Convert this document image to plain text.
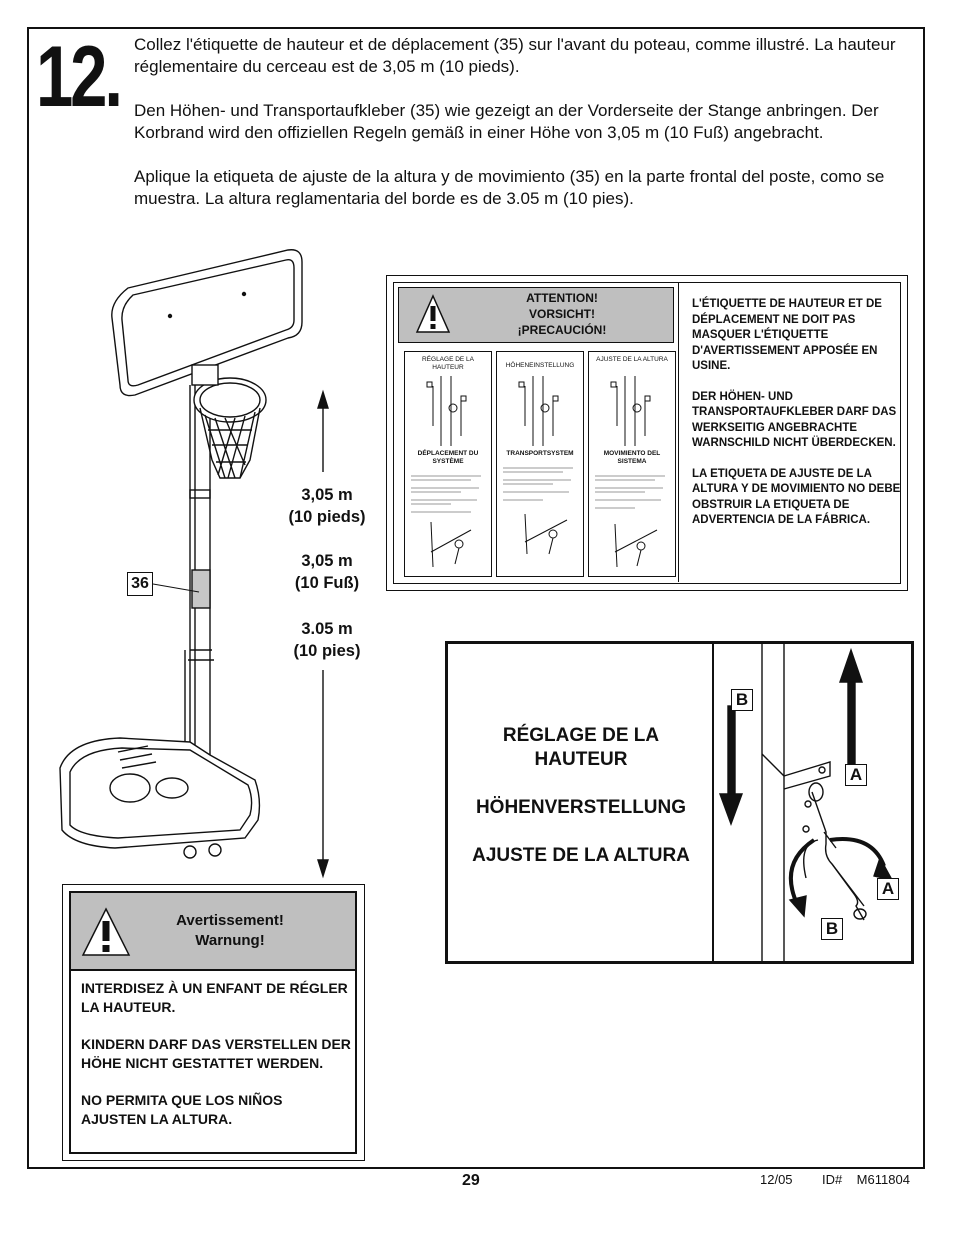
12. Collez l'étiquette de hauteur et de déplacement (35) sur l'avant du poteau, comme illustré. La hauteur réglementaire du cerceau est de 3,05 m (10 pieds).

Den Höhen- und Transportaufkleber (35) wie gezeigt an der Vorderseite der Stange anbringen. Der Korbrand wird den offiziellen Regeln gemäß in einer Höhe von 3,05 m (10 Fuß) angebracht.

Aplique la etiqueta de ajuste de la altura y de movimiento (35) en la parte frontal del poste, como se muestra. La altura reglamentaria del borde es de 3.05 m (10 pies).

3,05 m
(10 pieds)
3,05 m
(10 Fuß)
3.05 m
(10 pies)
36
ATTENTION!
VORSICHT!
¡PRECAUCIÓN!
RÉGLAGE DE LA HAUTEUR
DÉPLACEMENT DU SYSTÈME
HÖHENEINSTELLUNG
TRANSPORTSYSTEM
AJUSTE DE LA ALTURA
MOVIMIENTO DEL SISTEMA

L'ÉTIQUETTE DE HAUTEUR ET DE DÉPLACEMENT NE DOIT PAS MASQUER L'ÉTIQUETTE D'AVERTISSEMENT APPOSÉE EN USINE.

DER HÖHEN- UND TRANSPORTAUFKLEBER DARF DAS WERKSEITIG ANGEBRACHTE WARNSCHILD NICHT ÜBERDECKEN.

LA ETIQUETA DE AJUSTE DE LA ALTURA Y DE MOVIMIENTO NO DEBE OBSTRUIR LA ETIQUETA DE ADVERTENCIA DE LA FÁBRICA.

Avertissement!
Warnung!

INTERDISEZ À UN ENFANT DE RÉGLER LA HAUTEUR.

KINDERN DARF DAS VERSTELLEN DER HÖHE NICHT GESTATTET WERDEN.

NO PERMITA QUE LOS NIÑOS AJUSTEN LA ALTURA.

RÉGLAGE DE LA HAUTEUR

HÖHENVERSTELLUNG

AJUSTE DE LA ALTURA

B
A
A
B
29	12/05 ID#    M611804
